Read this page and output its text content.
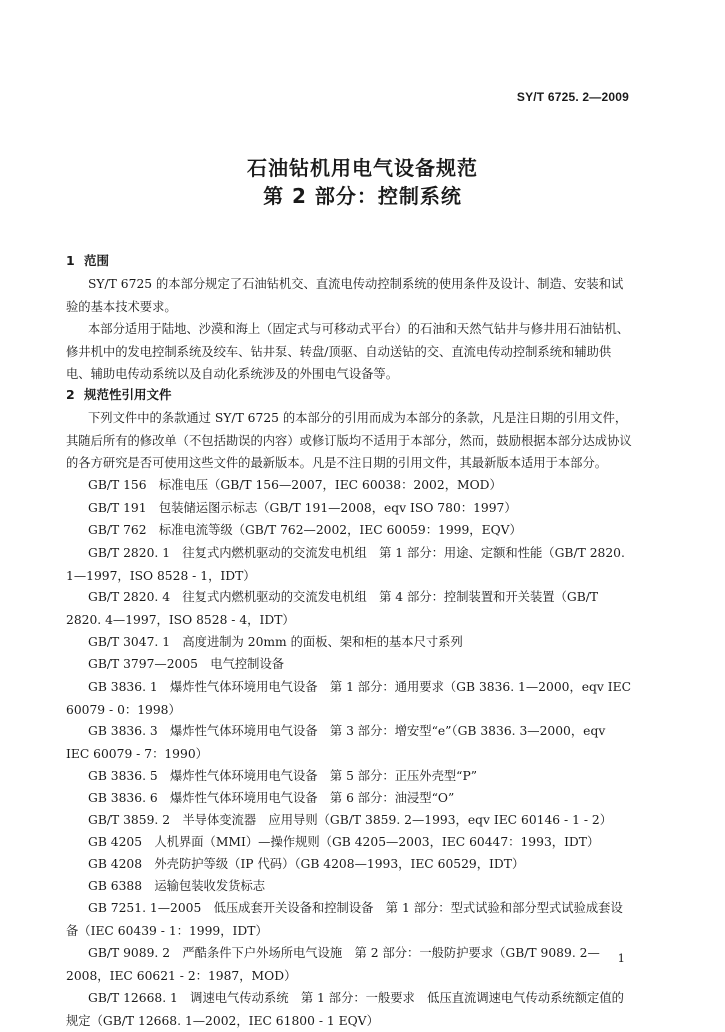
SY/T 6725. 2—2009
石油钻机用电气设备规范
第 2 部分：控制系统
1 范围
SY/T 6725 的本部分规定了石油钻机交、直流电传动控制系统的使用条件及设计、制造、安装和试验的基本技术要求。
本部分适用于陆地、沙漠和海上（固定式与可移动式平台）的石油和天然气钻井与修井用石油钻机、修井机中的发电控制系统及绞车、钻井泵、转盘/顶驱、自动送钻的交、直流电传动控制系统和辅助供电、辅助电传动系统以及自动化系统涉及的外围电气设备等。
2 规范性引用文件
下列文件中的条款通过 SY/T 6725 的本部分的引用而成为本部分的条款，凡是注日期的引用文件，其随后所有的修改单（不包括勘误的内容）或修订版均不适用于本部分，然而，鼓励根据本部分达成协议的各方研究是否可使用这些文件的最新版本。凡是不注日期的引用文件，其最新版本适用于本部分。
GB/T 156　标准电压（GB/T 156—2007，IEC 60038：2002，MOD）
GB/T 191　包装储运图示标志（GB/T 191—2008，eqv ISO 780：1997）
GB/T 762　标准电流等级（GB/T 762—2002，IEC 60059：1999，EQV）
GB/T 2820. 1　往复式内燃机驱动的交流发电机组　第 1 部分：用途、定额和性能（GB/T 2820. 1—1997，ISO 8528 - 1，IDT）
GB/T 2820. 4　往复式内燃机驱动的交流发电机组　第 4 部分：控制装置和开关装置（GB/T 2820. 4—1997，ISO 8528 - 4，IDT）
GB/T 3047. 1　高度进制为 20mm 的面板、架和柜的基本尺寸系列
GB/T 3797—2005　电气控制设备
GB 3836. 1　爆炸性气体环境用电气设备　第 1 部分：通用要求（GB 3836. 1—2000，eqv IEC 60079 - 0：1998）
GB 3836. 3　爆炸性气体环境用电气设备　第 3 部分：增安型“e”（GB 3836. 3—2000，eqv IEC 60079 - 7：1990）
GB 3836. 5　爆炸性气体环境用电气设备　第 5 部分：正压外壳型“P”
GB 3836. 6　爆炸性气体环境用电气设备　第 6 部分：油浸型“O”
GB/T 3859. 2　半导体变流器　应用导则（GB/T 3859. 2—1993，eqv IEC 60146 - 1 - 2）
GB 4205　人机界面（MMI）—操作规则（GB 4205—2003，IEC 60447：1993，IDT）
GB 4208　外壳防护等级（IP 代码）（GB 4208—1993，IEC 60529，IDT）
GB 6388　运输包装收发货标志
GB 7251. 1—2005　低压成套开关设备和控制设备　第 1 部分：型式试验和部分型式试验成套设备（IEC 60439 - 1：1999，IDT）
1
GB/T 9089. 2　严酷条件下户外场所电气设施　第 2 部分：一般防护要求（GB/T 9089. 2—2008，IEC 60621 - 2：1987，MOD）
GB/T 12668. 1　调速电气传动系统　第 1 部分：一般要求　低压直流调速电气传动系统额定值的规定（GB/T 12668. 1—2002，IEC 61800 - 1 EQV）
